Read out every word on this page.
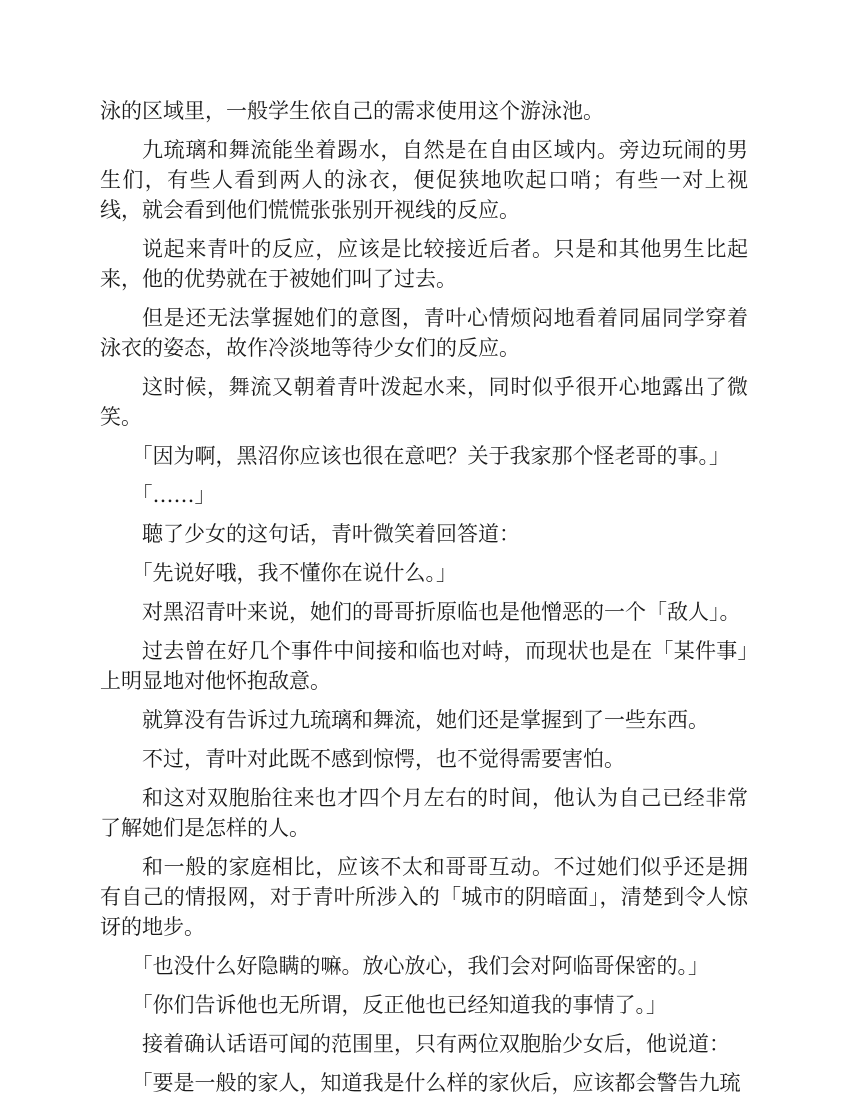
泳的区域里，一般学生依自己的需求使用这个游泳池。

九琉璃和舞流能坐着踢水，自然是在自由区域内。旁边玩闹的男生们，有些人看到两人的泳衣，便促狭地吹起口哨；有些一对上视线，就会看到他们慌慌张张别开视线的反应。

说起来青叶的反应，应该是比较接近后者。只是和其他男生比起来，他的优势就在于被她们叫了过去。

但是还无法掌握她们的意图，青叶心情烦闷地看着同届同学穿着泳衣的姿态，故作冷淡地等待少女们的反应。

这时候，舞流又朝着青叶泼起水来，同时似乎很开心地露出了微笑。

「因为啊，黑沼你应该也很在意吧？关于我家那个怪老哥的事。」

「……」

聴了少女的这句话，青叶微笑着回答道：

「先说好哦，我不懂你在说什么。」

对黑沼青叶来说，她们的哥哥折原临也是他憎恶的一个「敌人」。

过去曾在好几个事件中间接和临也对峙，而现状也是在「某件事」上明显地对他怀抱敌意。

就算没有告诉过九琉璃和舞流，她们还是掌握到了一些东西。

不过，青叶对此既不感到惊愕，也不觉得需要害怕。

和这对双胞胎往来也才四个月左右的时间，他认为自己已经非常了解她们是怎样的人。

和一般的家庭相比，应该不太和哥哥互动。不过她们似乎还是拥有自己的情报网，对于青叶所涉入的「城市的阴暗面」，清楚到令人惊讶的地步。

「也没什么好隐瞒的嘛。放心放心，我们会对阿临哥保密的。」

「你们告诉他也无所谓，反正他也已经知道我的事情了。」

接着确认话语可闻的范围里，只有两位双胞胎少女后，他说道：

「要是一般的家人，知道我是什么样的家伙后，应该都会警告九琉
